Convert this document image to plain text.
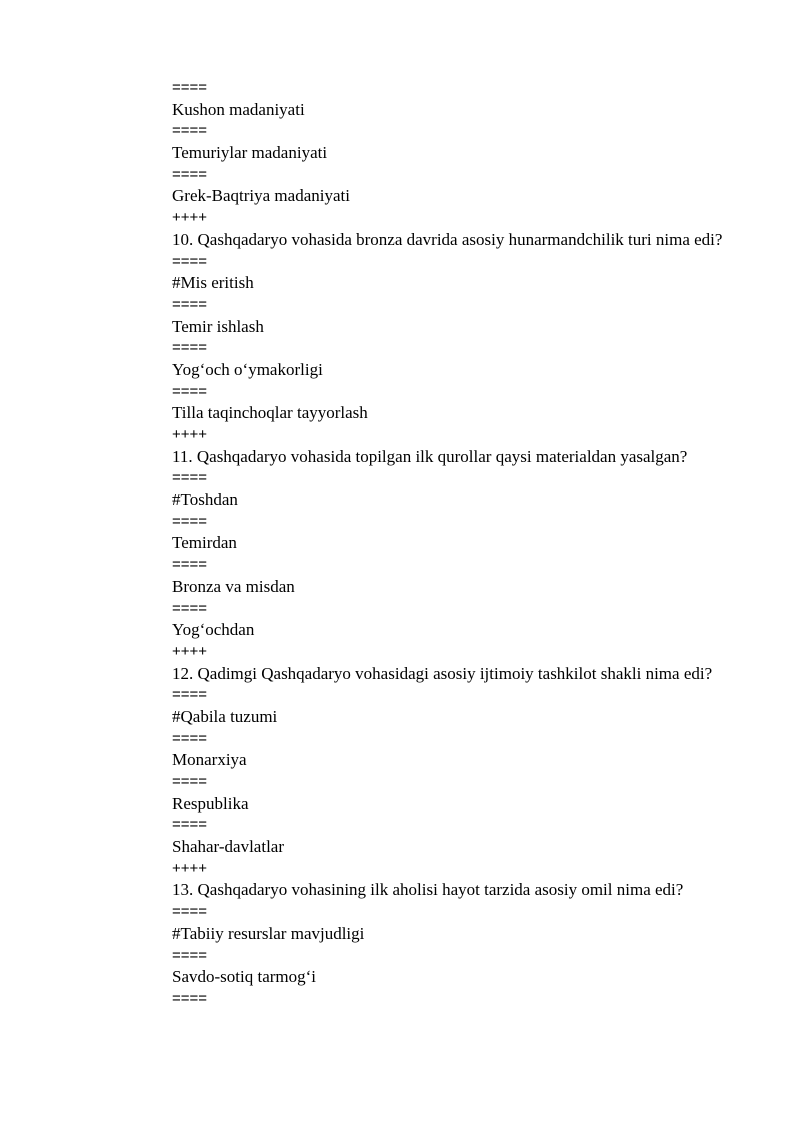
====
Kushon madaniyati
====
Temuriylar madaniyati
====
Grek-Baqtriya madaniyati
++++
10. Qashqadaryo vohasida bronza davrida asosiy hunarmandchilik turi nima edi?
====
#Mis eritish
====
Temir ishlash
====
Yog‘och o‘ymakorligi
====
Tilla taqinchoqlar tayyorlash
++++
11. Qashqadaryo vohasida topilgan ilk qurollar qaysi materialdan yasalgan?
====
#Toshdan
====
Temirdan
====
Bronza va misdan
====
Yog‘ochdan
++++
12. Qadimgi Qashqadaryo vohasidagi asosiy ijtimoiy tashkilot shakli nima edi?
====
#Qabila tuzumi
====
Monarxiya
====
Respublika
====
Shahar-davlatlar
++++
13. Qashqadaryo vohasining ilk aholisi hayot tarzida asosiy omil nima edi?
====
#Tabiiy resurslar mavjudligi
====
Savdo-sotiq tarmog‘i
====
